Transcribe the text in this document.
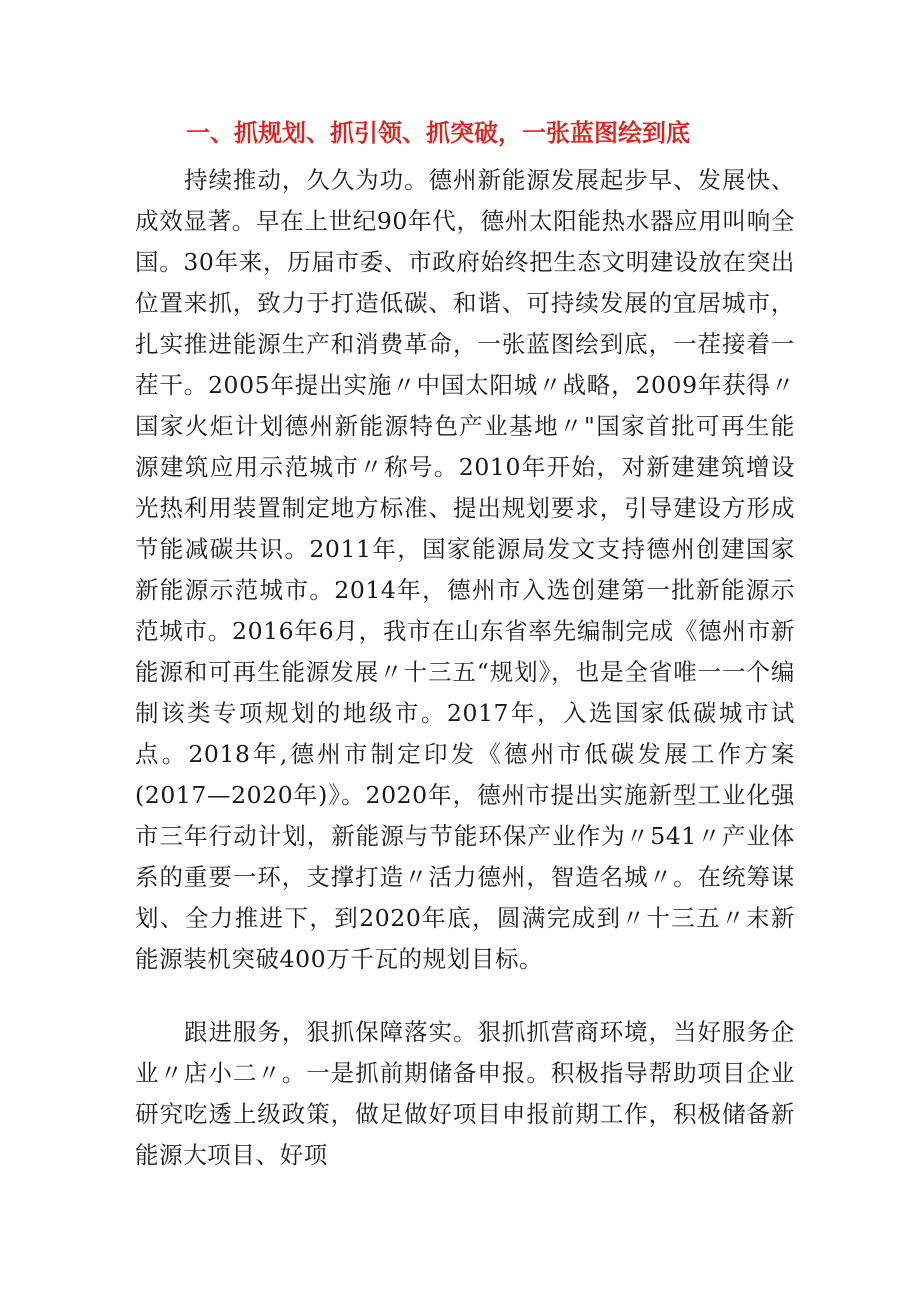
一、抓规划、抓引领、抓突破，一张蓝图绘到底

持续推动，久久为功。德州新能源发展起步早、发展快、成效显著。早在上世纪90年代，德州太阳能热水器应用叫响全国。30年来，历届市委、市政府始终把生态文明建设放在突出位置来抓，致力于打造低碳、和谐、可持续发展的宜居城市，扎实推进能源生产和消费革命，一张蓝图绘到底，一茬接着一茬干。2005年提出实施〃中国太阳城〃战略，2009年获得〃国家火炬计划德州新能源特色产业基地〃"国家首批可再生能源建筑应用示范城市〃称号。2010年开始，对新建建筑增设光热利用装置制定地方标准、提出规划要求，引导建设方形成节能减碳共识。2011年，国家能源局发文支持德州创建国家新能源示范城市。2014年，德州市入选创建第一批新能源示范城市。2016年6月，我市在山东省率先编制完成《德州市新能源和可再生能源发展〃十三五“规划》，也是全省唯一一个编制该类专项规划的地级市。2017年，入选国家低碳城市试点。2018年,德州市制定印发《德州市低碳发展工作方案(2017—2020年)》。2020年，德州市提出实施新型工业化强市三年行动计划，新能源与节能环保产业作为〃541〃产业体系的重要一环，支撑打造〃活力德州，智造名城〃。在统筹谋划、全力推进下，到2020年底，圆满完成到〃十三五〃末新能源装机突破400万千瓦的规划目标。

跟进服务，狠抓保障落实。狠抓抓营商环境，当好服务企业〃店小二〃。一是抓前期储备申报。积极指导帮助项目企业研究吃透上级政策，做足做好项目申报前期工作，积极储备新能源大项目、好项
